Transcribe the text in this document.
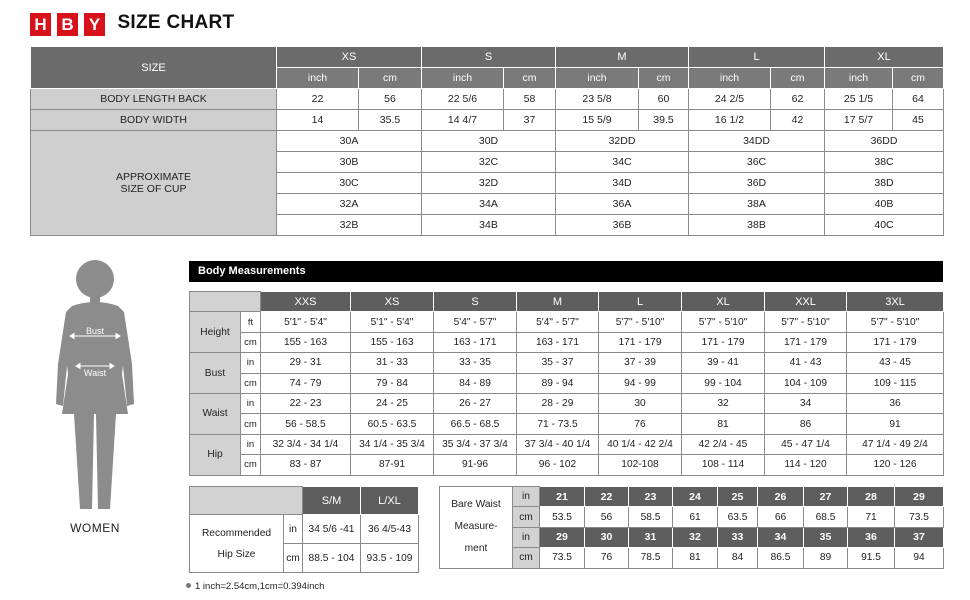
H B Y SIZE CHART
SIZE	XS		S		M		L		XL	
	inch	cm	inch	cm	inch	cm	inch	cm	inch	cm
BODY LENGTH BACK	22	56	22 5/6	58	23 5/8	60	24 2/5	62	25 1/5	64
BODY WIDTH	14	35.5	14 4/7	37	15 5/9	39.5	16 1/2	42	17 5/7	45

APPROXIMATE
SIZE OF CUP	30A		30D		32DD		34DD		36DD	
	30B		32C		34C		36C		38C	
	30C		32D		34D		36D		38D	
	32A		34A		36A		38A		40B	
	32B		34B		36B		38B		40C	
Bust
Waist
WOMEN
Body Measurements
		XXS	XS	S	M	L	XL	XXL	3XL
Height	ft	5'1" - 5'4"	5'1" - 5'4"	5'4" - 5'7"	5'4" - 5'7"	5'7" - 5'10"	5'7" - 5'10"	5'7" - 5'10"	5'7" - 5'10"
	cm	155 - 163	155 - 163	163 - 171	163 - 171	171 - 179	171 - 179	171 - 179	171 - 179
Bust	in	29 - 31	31 - 33	33 - 35	35 - 37	37 - 39	39 - 41	41 - 43	43 - 45
	cm	74 - 79	79 - 84	84 - 89	89 - 94	94 - 99	99 - 104	104 - 109	109 - 115
Waist	in	22 - 23	24 - 25	26 - 27	28 - 29	30	32	34	36
	cm	56 - 58.5	60.5 - 63.5	66.5 - 68.5	71 - 73.5	76	81	86	91
Hip	in	32 3/4 - 34 1/4	34 1/4 - 35 3/4	35 3/4 - 37 3/4	37 3/4 - 40 1/4	40 1/4 - 42 2/4	42 2/4 - 45	45 - 47 1/4	47 1/4 - 49 2/4
	cm	83 - 87	87-91	91-96	96 - 102	102-108	108 - 114	114 - 120	120 - 126
		S/M	L/XL

Recommended
Hip Size	in	34 5/6 -41	36 4/5-43
	cm	88.5 - 104	93.5 - 109
Bare Waist
Measure-
ment	in	21	22	23	24	25	26	27	28	29
	cm	53.5	56	58.5	61	63.5	66	68.5	71	73.5
	in	29	30	31	32	33	34	35	36	37
	cm	73.5	76	78.5	81	84	86.5	89	91.5	94
1 inch=2.54cm,1cm=0.394inch
